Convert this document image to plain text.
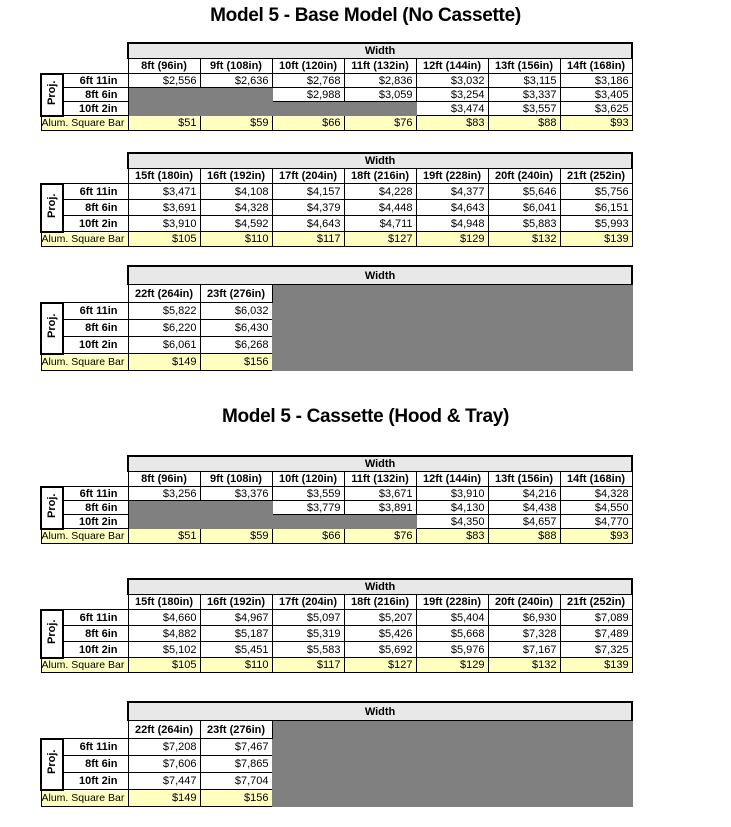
Model 5 - Base Model (No Cassette)
		Width						
		8ft (96in)	9ft (108in)	10ft (120in)	11ft (132in)	12ft (144in)	13ft (156in)	14ft (168in)

Proj.	6ft 11in	$2,556	$2,636	$2,768	$2,836	$3,032	$3,115	$3,186
	8ft 6in			$2,988	$3,059	$3,254	$3,337	$3,405
	10ft 2in					$3,474	$3,557	$3,625
Alum. Square Bar		$51	$59	$66	$76	$83	$88	$93
		Width						
		15ft (180in)	16ft (192in)	17ft (204in)	18ft (216in)	19ft (228in)	20ft (240in)	21ft (252in)

Proj.	6ft 11in	$3,471	$4,108	$4,157	$4,228	$4,377	$5,646	$5,756
	8ft 6in	$3,691	$4,328	$4,379	$4,448	$4,643	$6,041	$6,151
	10ft 2in	$3,910	$4,592	$4,643	$4,711	$4,948	$5,883	$5,993
Alum. Square Bar		$105	$110	$117	$127	$129	$132	$139
		Width		
		22ft (264in)	23ft (276in)	

Proj.	6ft 11in	$5,822	$6,032	
	8ft 6in	$6,220	$6,430	
	10ft 2in	$6,061	$6,268	
Alum. Square Bar		$149	$156	
Model 5 - Cassette (Hood & Tray)
		Width						
		8ft (96in)	9ft (108in)	10ft (120in)	11ft (132in)	12ft (144in)	13ft (156in)	14ft (168in)

Proj.	6ft 11in	$3,256	$3,376	$3,559	$3,671	$3,910	$4,216	$4,328
	8ft 6in			$3,779	$3,891	$4,130	$4,438	$4,550
	10ft 2in					$4,350	$4,657	$4,770
Alum. Square Bar		$51	$59	$66	$76	$83	$88	$93
		Width						
		15ft (180in)	16ft (192in)	17ft (204in)	18ft (216in)	19ft (228in)	20ft (240in)	21ft (252in)

Proj.	6ft 11in	$4,660	$4,967	$5,097	$5,207	$5,404	$6,930	$7,089
	8ft 6in	$4,882	$5,187	$5,319	$5,426	$5,668	$7,328	$7,489
	10ft 2in	$5,102	$5,451	$5,583	$5,692	$5,976	$7,167	$7,325
Alum. Square Bar		$105	$110	$117	$127	$129	$132	$139
		Width		
		22ft (264in)	23ft (276in)	

Proj.	6ft 11in	$7,208	$7,467	
	8ft 6in	$7,606	$7,865	
	10ft 2in	$7,447	$7,704	
Alum. Square Bar		$149	$156	
